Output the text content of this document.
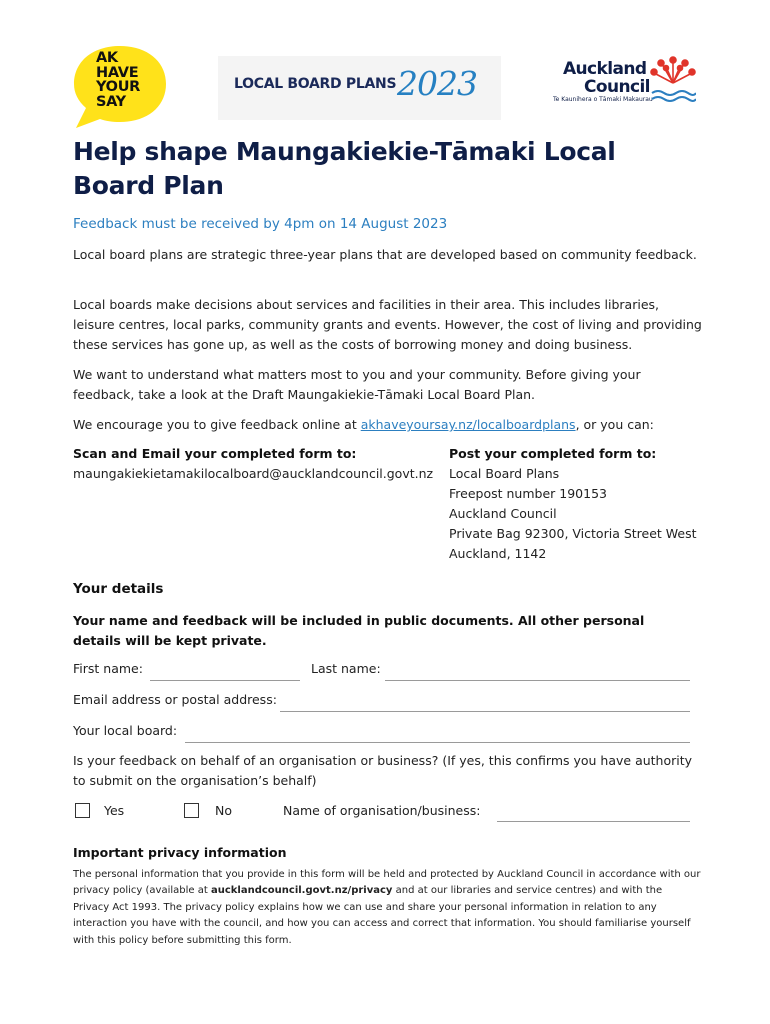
AK
HAVE
YOUR
SAY
LOCAL BOARD PLANS 2023	Auckland
Council
Te Kaunihera o Tāmaki Makaurau
Help shape Maungakiekie-Tāmaki Local Board Plan
Feedback must be received by 4pm on 14 August 2023

Local board plans are strategic three-year plans that are developed based on community feedback.

Local boards make decisions about services and facilities in their area. This includes libraries, leisure centres, local parks, community grants and events. However, the cost of living and providing these services has gone up, as well as the costs of borrowing money and doing business.

We want to understand what matters most to you and your community. Before giving your feedback, take a look at the Draft Maungakiekie-Tāmaki Local Board Plan.

We encourage you to give feedback online at akhaveyoursay.nz/localboardplans, or you can:

Scan and Email your completed form to:
maungakiekietamakilocalboard@aucklandcouncil.govt.nz
Post your completed form to:
Local Board Plans
Freepost number 190153
Auckland Council
Private Bag 92300, Victoria Street West
Auckland, 1142
Your details

Your name and feedback will be included in public documents. All other personal details will be kept private.

First name:	Last name:
Email address or postal address:
Your local board:

Is your feedback on behalf of an organisation or business? (If yes, this confirms you have authority to submit on the organisation’s behalf)

Yes	No	Name of organisation/business:
Important privacy information

The personal information that you provide in this form will be held and protected by Auckland Council in accordance with our privacy policy (available at aucklandcouncil.govt.nz/privacy and at our libraries and service centres) and with the Privacy Act 1993. The privacy policy explains how we can use and share your personal information in relation to any interaction you have with the council, and how you can access and correct that information. You should familiarise yourself with this policy before submitting this form.
